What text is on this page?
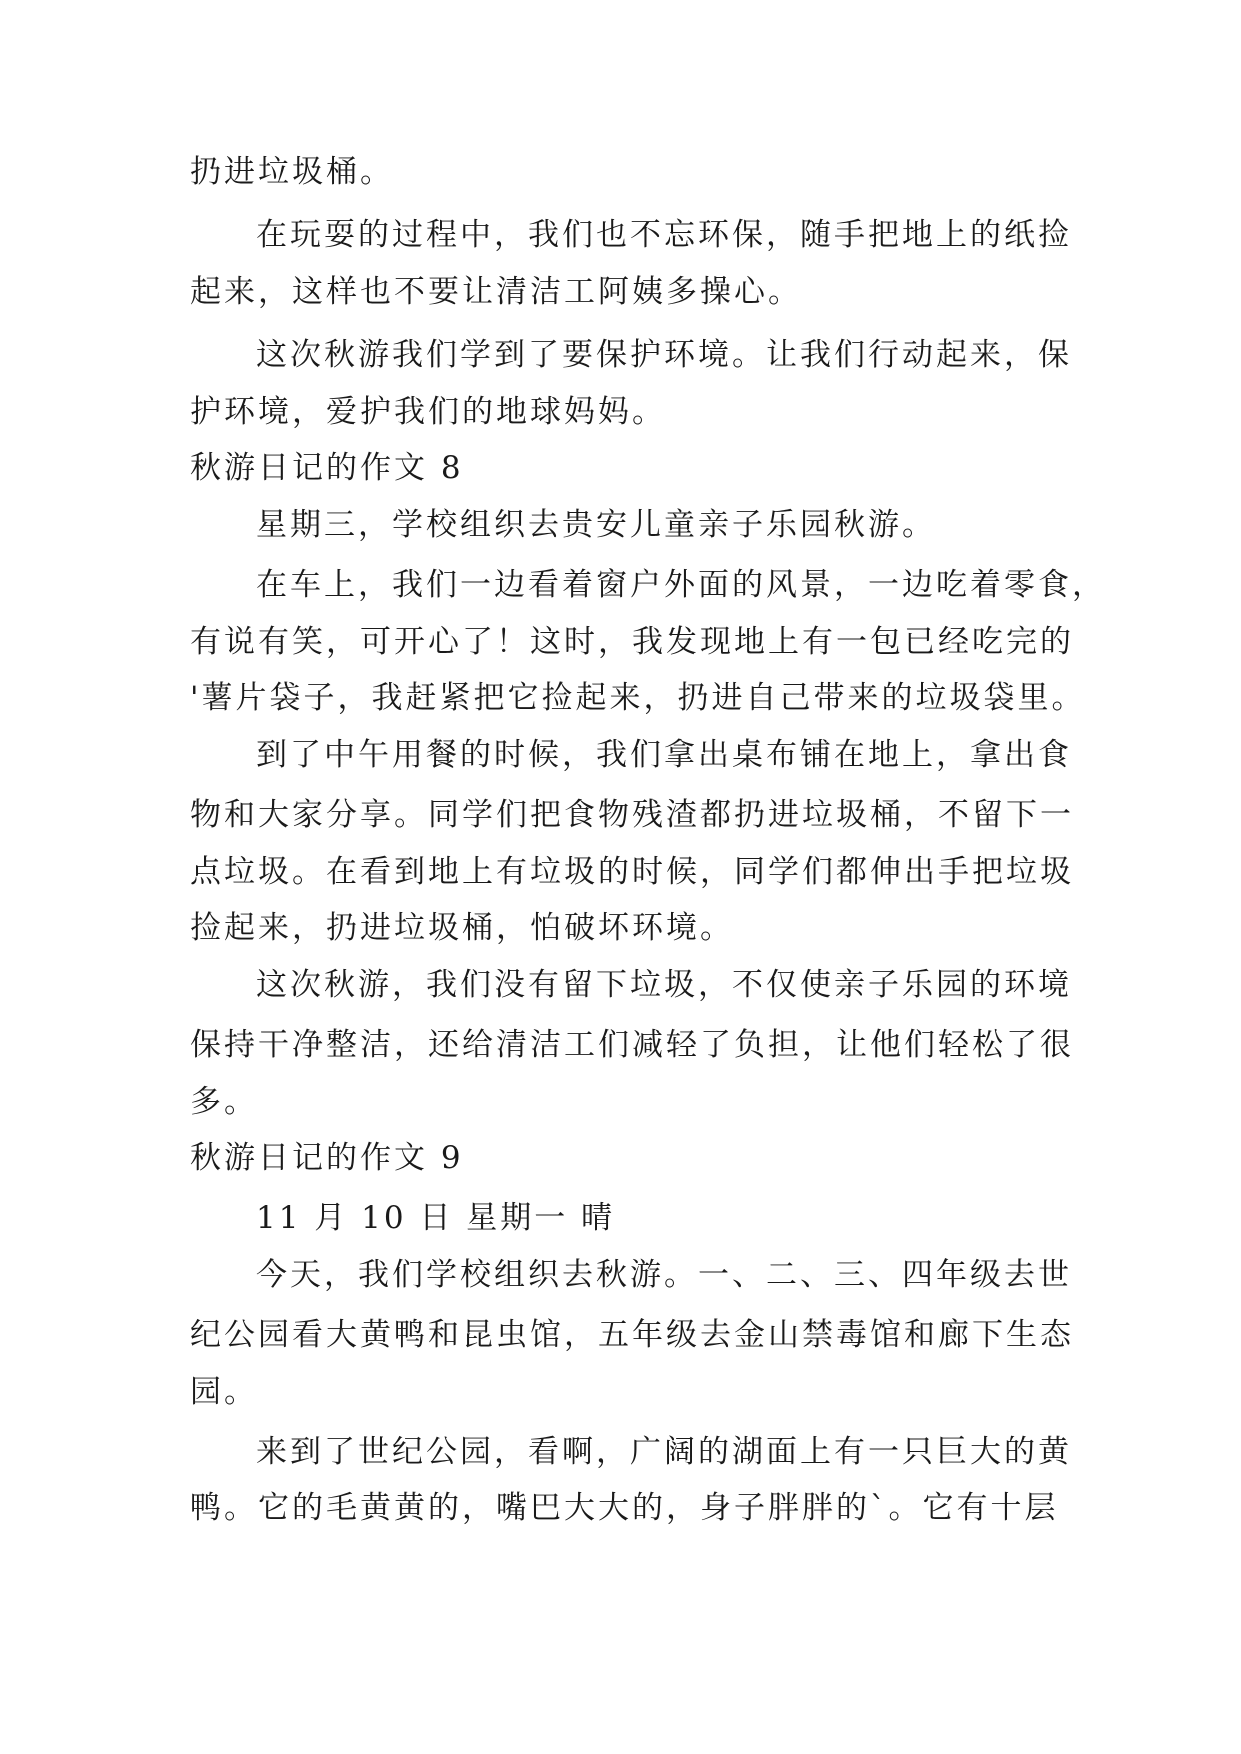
扔进垃圾桶。
在玩耍的过程中，我们也不忘环保，随手把地上的纸捡
起来，这样也不要让清洁工阿姨多操心。
这次秋游我们学到了要保护环境。让我们行动起来，保
护环境，爱护我们的地球妈妈。
秋游日记的作文 8
星期三，学校组织去贵安儿童亲子乐园秋游。
在车上，我们一边看着窗户外面的风景，一边吃着零食，
有说有笑，可开心了！这时，我发现地上有一包已经吃完的
'薯片袋子，我赶紧把它捡起来，扔进自己带来的垃圾袋里。
到了中午用餐的时候，我们拿出桌布铺在地上，拿出食
物和大家分享。同学们把食物残渣都扔进垃圾桶，不留下一
点垃圾。在看到地上有垃圾的时候，同学们都伸出手把垃圾
捡起来，扔进垃圾桶，怕破坏环境。
这次秋游，我们没有留下垃圾，不仅使亲子乐园的环境
保持干净整洁，还给清洁工们减轻了负担，让他们轻松了很
多。
秋游日记的作文 9
11 月 10 日 星期一 晴
今天，我们学校组织去秋游。一、二、三、四年级去世
纪公园看大黄鸭和昆虫馆，五年级去金山禁毒馆和廊下生态
园。
来到了世纪公园，看啊，广阔的湖面上有一只巨大的黄
鸭。它的毛黄黄的，嘴巴大大的，身子胖胖的`。它有十层
